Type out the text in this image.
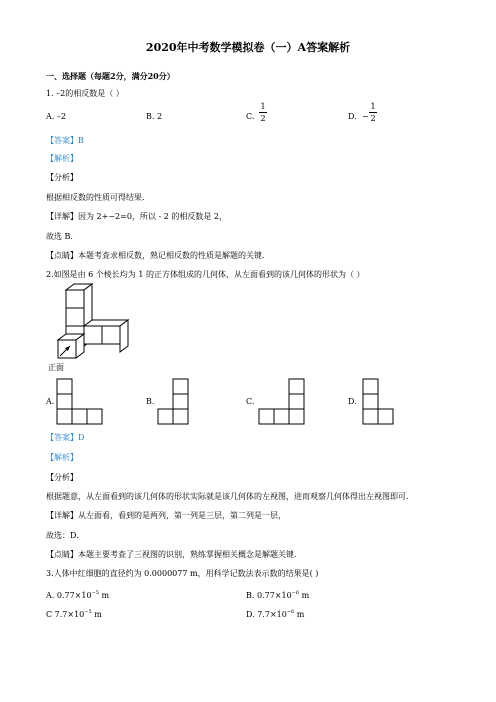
2020年中考数学模拟卷（一）A答案解析
一、选择题（每题2分，满分20分）
1. –2的相反数是（ ）
A. –2	B. 2	C.
1
2	D. −
1
2
【答案】B
【解析】
【分析】
根据相反数的性质可得结果.
【详解】因为 2+−2=0，所以 - 2 的相反数是 2，
故选 B．
【点睛】本题考查求相反数，熟记相反数的性质是解题的关键．
2.如图是由 6 个棱长均为 1 的正方体组成的几何体，从左面看到的该几何体的形状为（ ）
正面
A.	B.	C.	D.
【答案】D
【解析】
【分析】
根据题意，从左面看到的该几何体的形状实际就是该几何体的左视图，进而观察几何体得出左视图即可.
【详解】从左面看，看到的是两列，第一列是三层，第二列是一层，
故选：D．
【点睛】本题主要考查了三视图的识别，熟练掌握相关概念是解题关键.
3.人体中红细胞的直径约为 0.0000077 m，用科学记数法表示数的结果是( )
A. $0.77\times 10^{-5}$ m	B. $0.77\times 10^{-6}$ m
C $7.7\times 10^{-5}$ m	D. $7.7\times 10^{-6}$ m
